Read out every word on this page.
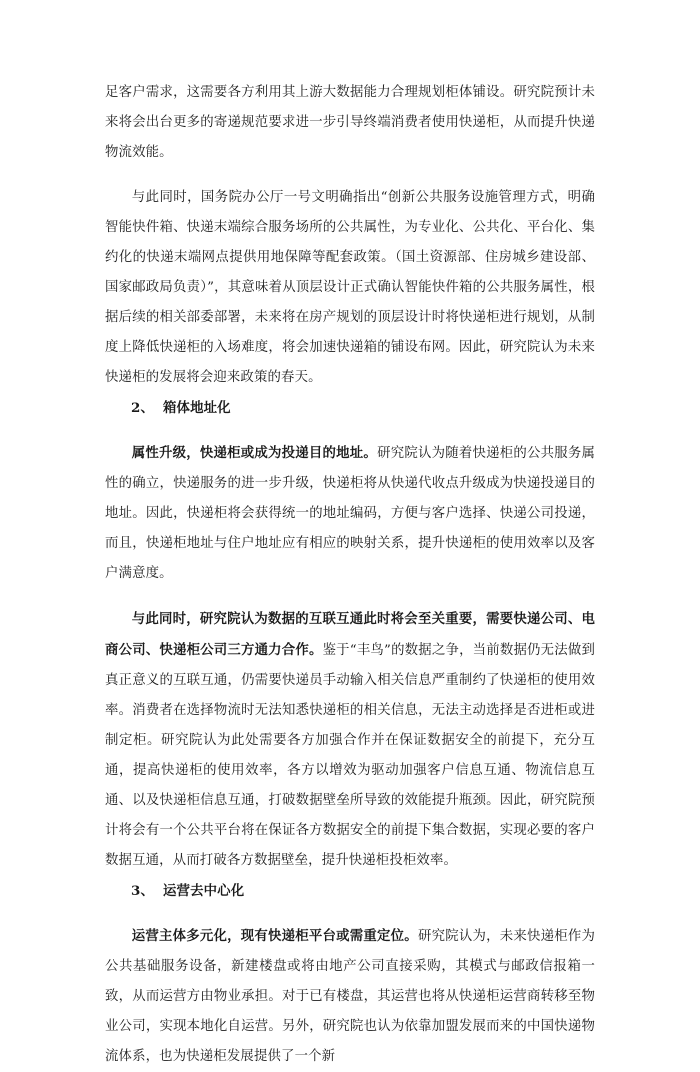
足客户需求，这需要各方利用其上游大数据能力合理规划柜体铺设。研究院预计未来将会出台更多的寄递规范要求进一步引导终端消费者使用快递柜，从而提升快递物流效能。

与此同时，国务院办公厅一号文明确指出“创新公共服务设施管理方式，明确智能快件箱、快递末端综合服务场所的公共属性，为专业化、公共化、平台化、集约化的快递末端网点提供用地保障等配套政策。（国土资源部、住房城乡建设部、国家邮政局负责）”，其意味着从顶层设计正式确认智能快件箱的公共服务属性，根据后续的相关部委部署，未来将在房产规划的顶层设计时将快递柜进行规划，从制度上降低快递柜的入场难度，将会加速快递箱的铺设布网。因此，研究院认为未来快递柜的发展将会迎来政策的春天。

2、 箱体地址化

属性升级，快递柜或成为投递目的地址。研究院认为随着快递柜的公共服务属性的确立，快递服务的进一步升级，快递柜将从快递代收点升级成为快递投递目的地址。因此，快递柜将会获得统一的地址编码，方便与客户选择、快递公司投递，而且，快递柜地址与住户地址应有相应的映射关系，提升快递柜的使用效率以及客户满意度。

与此同时，研究院认为数据的互联互通此时将会至关重要，需要快递公司、电商公司、快递柜公司三方通力合作。鉴于“丰鸟”的数据之争，当前数据仍无法做到真正意义的互联互通，仍需要快递员手动输入相关信息严重制约了快递柜的使用效率。消费者在选择物流时无法知悉快递柜的相关信息，无法主动选择是否进柜或进制定柜。研究院认为此处需要各方加强合作并在保证数据安全的前提下，充分互通，提高快递柜的使用效率，各方以增效为驱动加强客户信息互通、物流信息互通、以及快递柜信息互通，打破数据壁垒所导致的效能提升瓶颈。因此，研究院预计将会有一个公共平台将在保证各方数据安全的前提下集合数据，实现必要的客户数据互通，从而打破各方数据壁垒，提升快递柜投柜效率。

3、 运营去中心化

运营主体多元化，现有快递柜平台或需重定位。研究院认为，未来快递柜作为公共基础服务设备，新建楼盘或将由地产公司直接采购，其模式与邮政信报箱一致，从而运营方由物业承担。对于已有楼盘，其运营也将从快递柜运营商转移至物业公司，实现本地化自运营。另外，研究院也认为依靠加盟发展而来的中国快递物流体系，也为快递柜发展提供了一个新
